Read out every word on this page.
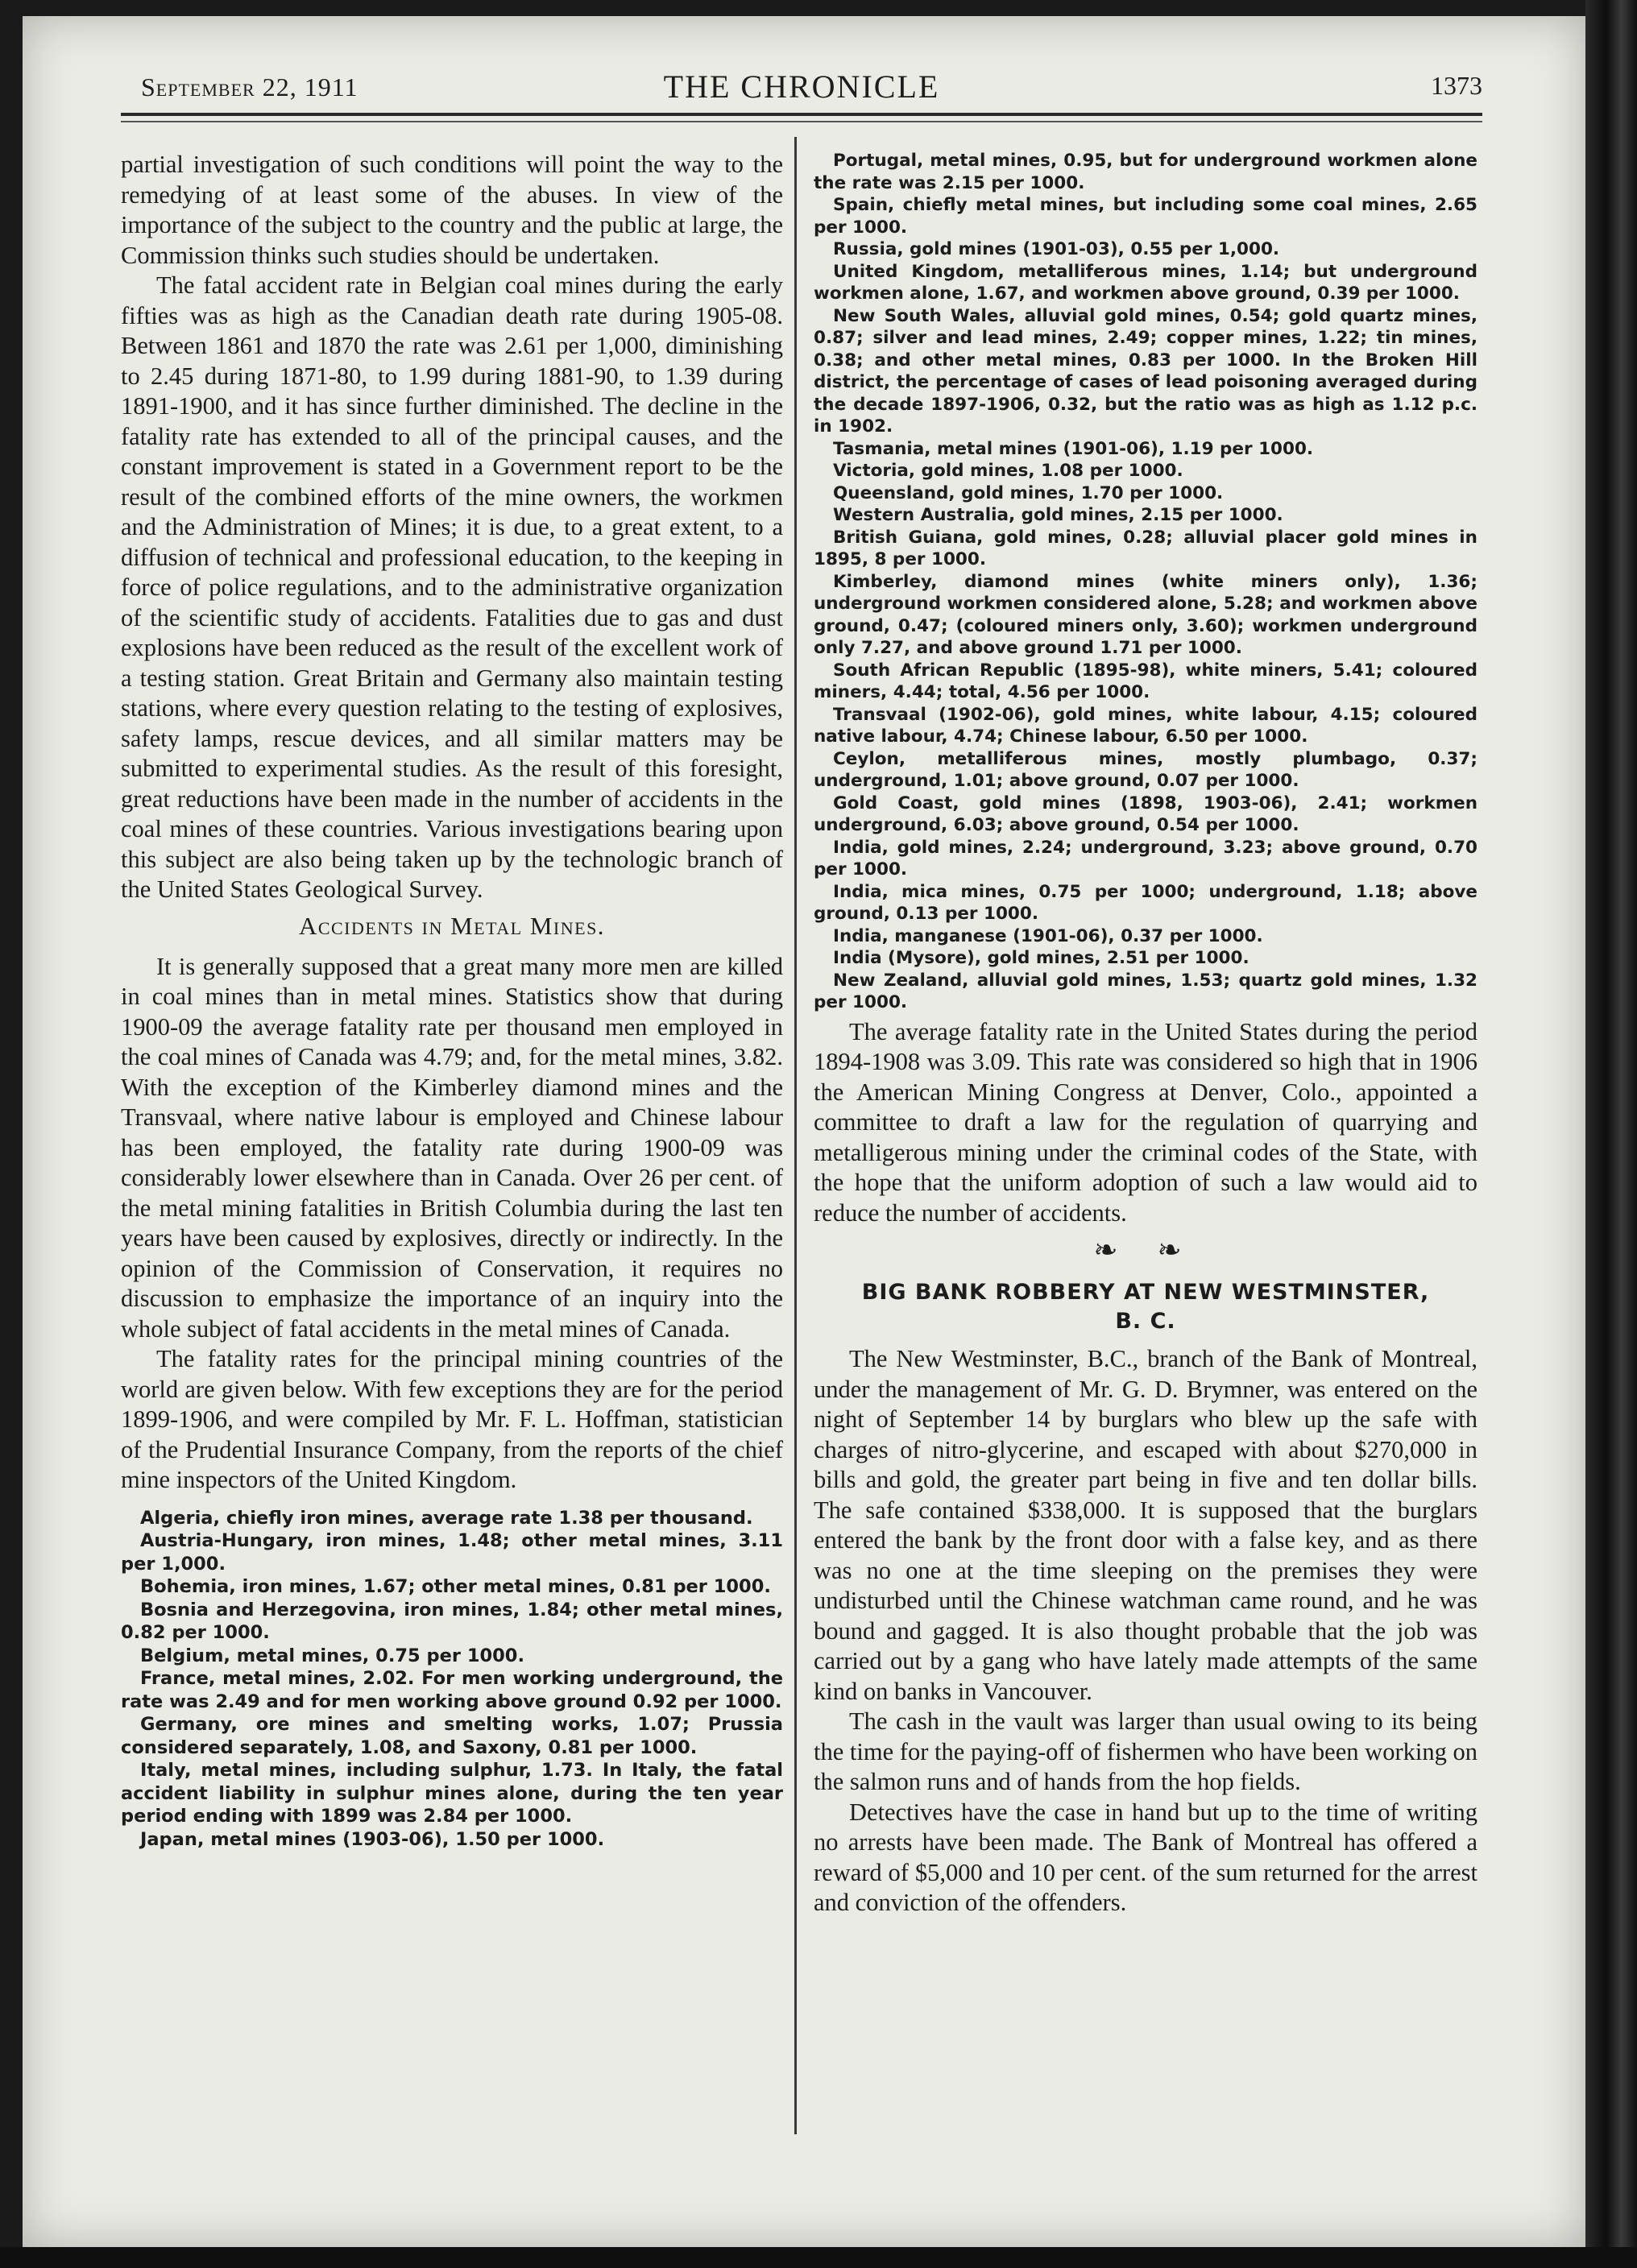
September 22, 1911	THE CHRONICLE	1373

partial investigation of such conditions will point the way to the remedying of at least some of the abuses. In view of the importance of the subject to the country and the public at large, the Commission thinks such studies should be undertaken.

The fatal accident rate in Belgian coal mines during the early fifties was as high as the Canadian death rate during 1905-08. Between 1861 and 1870 the rate was 2.61 per 1,000, diminishing to 2.45 during 1871-80, to 1.99 during 1881-90, to 1.39 during 1891-1900, and it has since further diminished. The decline in the fatality rate has extended to all of the principal causes, and the constant improvement is stated in a Government report to be the result of the combined efforts of the mine owners, the workmen and the Administration of Mines; it is due, to a great extent, to a diffusion of technical and professional education, to the keeping in force of police regulations, and to the administrative organization of the scientific study of accidents. Fatalities due to gas and dust explosions have been reduced as the result of the excellent work of a testing station. Great Britain and Germany also maintain testing stations, where every question relating to the testing of explosives, safety lamps, rescue devices, and all similar matters may be submitted to experimental studies. As the result of this foresight, great reductions have been made in the number of accidents in the coal mines of these countries. Various investigations bearing upon this subject are also being taken up by the technologic branch of the United States Geological Survey.

Accidents in Metal Mines.

It is generally supposed that a great many more men are killed in coal mines than in metal mines. Statistics show that during 1900-09 the average fatality rate per thousand men employed in the coal mines of Canada was 4.79; and, for the metal mines, 3.82. With the exception of the Kimberley diamond mines and the Transvaal, where native labour is employed and Chinese labour has been employed, the fatality rate during 1900-09 was considerably lower elsewhere than in Canada. Over 26 per cent. of the metal mining fatalities in British Columbia during the last ten years have been caused by explosives, directly or indirectly. In the opinion of the Commission of Conservation, it requires no discussion to emphasize the importance of an inquiry into the whole subject of fatal accidents in the metal mines of Canada.

The fatality rates for the principal mining countries of the world are given below. With few exceptions they are for the period 1899-1906, and were compiled by Mr. F. L. Hoffman, statistician of the Prudential Insurance Company, from the reports of the chief mine inspectors of the United Kingdom.

Algeria, chiefly iron mines, average rate 1.38 per thousand.

Austria-Hungary, iron mines, 1.48; other metal mines, 3.11 per 1,000.

Bohemia, iron mines, 1.67; other metal mines, 0.81 per 1000.

Bosnia and Herzegovina, iron mines, 1.84; other metal mines, 0.82 per 1000.

Belgium, metal mines, 0.75 per 1000.

France, metal mines, 2.02. For men working underground, the rate was 2.49 and for men working above ground 0.92 per 1000.

Germany, ore mines and smelting works, 1.07; Prussia considered separately, 1.08, and Saxony, 0.81 per 1000.

Italy, metal mines, including sulphur, 1.73. In Italy, the fatal accident liability in sulphur mines alone, during the ten year period ending with 1899 was 2.84 per 1000.

Japan, metal mines (1903-06), 1.50 per 1000.

Portugal, metal mines, 0.95, but for underground workmen alone the rate was 2.15 per 1000.

Spain, chiefly metal mines, but including some coal mines, 2.65 per 1000.

Russia, gold mines (1901-03), 0.55 per 1,000.

United Kingdom, metalliferous mines, 1.14; but underground workmen alone, 1.67, and workmen above ground, 0.39 per 1000.

New South Wales, alluvial gold mines, 0.54; gold quartz mines, 0.87; silver and lead mines, 2.49; copper mines, 1.22; tin mines, 0.38; and other metal mines, 0.83 per 1000. In the Broken Hill district, the percentage of cases of lead poisoning averaged during the decade 1897-1906, 0.32, but the ratio was as high as 1.12 p.c. in 1902.

Tasmania, metal mines (1901-06), 1.19 per 1000.

Victoria, gold mines, 1.08 per 1000.

Queensland, gold mines, 1.70 per 1000.

Western Australia, gold mines, 2.15 per 1000.

British Guiana, gold mines, 0.28; alluvial placer gold mines in 1895, 8 per 1000.

Kimberley, diamond mines (white miners only), 1.36; underground workmen considered alone, 5.28; and workmen above ground, 0.47; (coloured miners only, 3.60); workmen underground only 7.27, and above ground 1.71 per 1000.

South African Republic (1895-98), white miners, 5.41; coloured miners, 4.44; total, 4.56 per 1000.

Transvaal (1902-06), gold mines, white labour, 4.15; coloured native labour, 4.74; Chinese labour, 6.50 per 1000.

Ceylon, metalliferous mines, mostly plumbago, 0.37; underground, 1.01; above ground, 0.07 per 1000.

Gold Coast, gold mines (1898, 1903-06), 2.41; workmen underground, 6.03; above ground, 0.54 per 1000.

India, gold mines, 2.24; underground, 3.23; above ground, 0.70 per 1000.

India, mica mines, 0.75 per 1000; underground, 1.18; above ground, 0.13 per 1000.

India, manganese (1901-06), 0.37 per 1000.

India (Mysore), gold mines, 2.51 per 1000.

New Zealand, alluvial gold mines, 1.53; quartz gold mines, 1.32 per 1000.

The average fatality rate in the United States during the period 1894-1908 was 3.09. This rate was considered so high that in 1906 the American Mining Congress at Denver, Colo., appointed a committee to draft a law for the regulation of quarrying and metalligerous mining under the criminal codes of the State, with the hope that the uniform adoption of such a law would aid to reduce the number of accidents.

❧ ❧
BIG BANK ROBBERY AT NEW WESTMINSTER,
B. C.

The New Westminster, B.C., branch of the Bank of Montreal, under the management of Mr. G. D. Brymner, was entered on the night of September 14 by burglars who blew up the safe with charges of nitro-glycerine, and escaped with about $270,000 in bills and gold, the greater part being in five and ten dollar bills. The safe contained $338,000. It is supposed that the burglars entered the bank by the front door with a false key, and as there was no one at the time sleeping on the premises they were undisturbed until the Chinese watchman came round, and he was bound and gagged. It is also thought probable that the job was carried out by a gang who have lately made attempts of the same kind on banks in Vancouver.

The cash in the vault was larger than usual owing to its being the time for the paying-off of fishermen who have been working on the salmon runs and of hands from the hop fields.

Detectives have the case in hand but up to the time of writing no arrests have been made. The Bank of Montreal has offered a reward of $5,000 and 10 per cent. of the sum returned for the arrest and conviction of the offenders.
